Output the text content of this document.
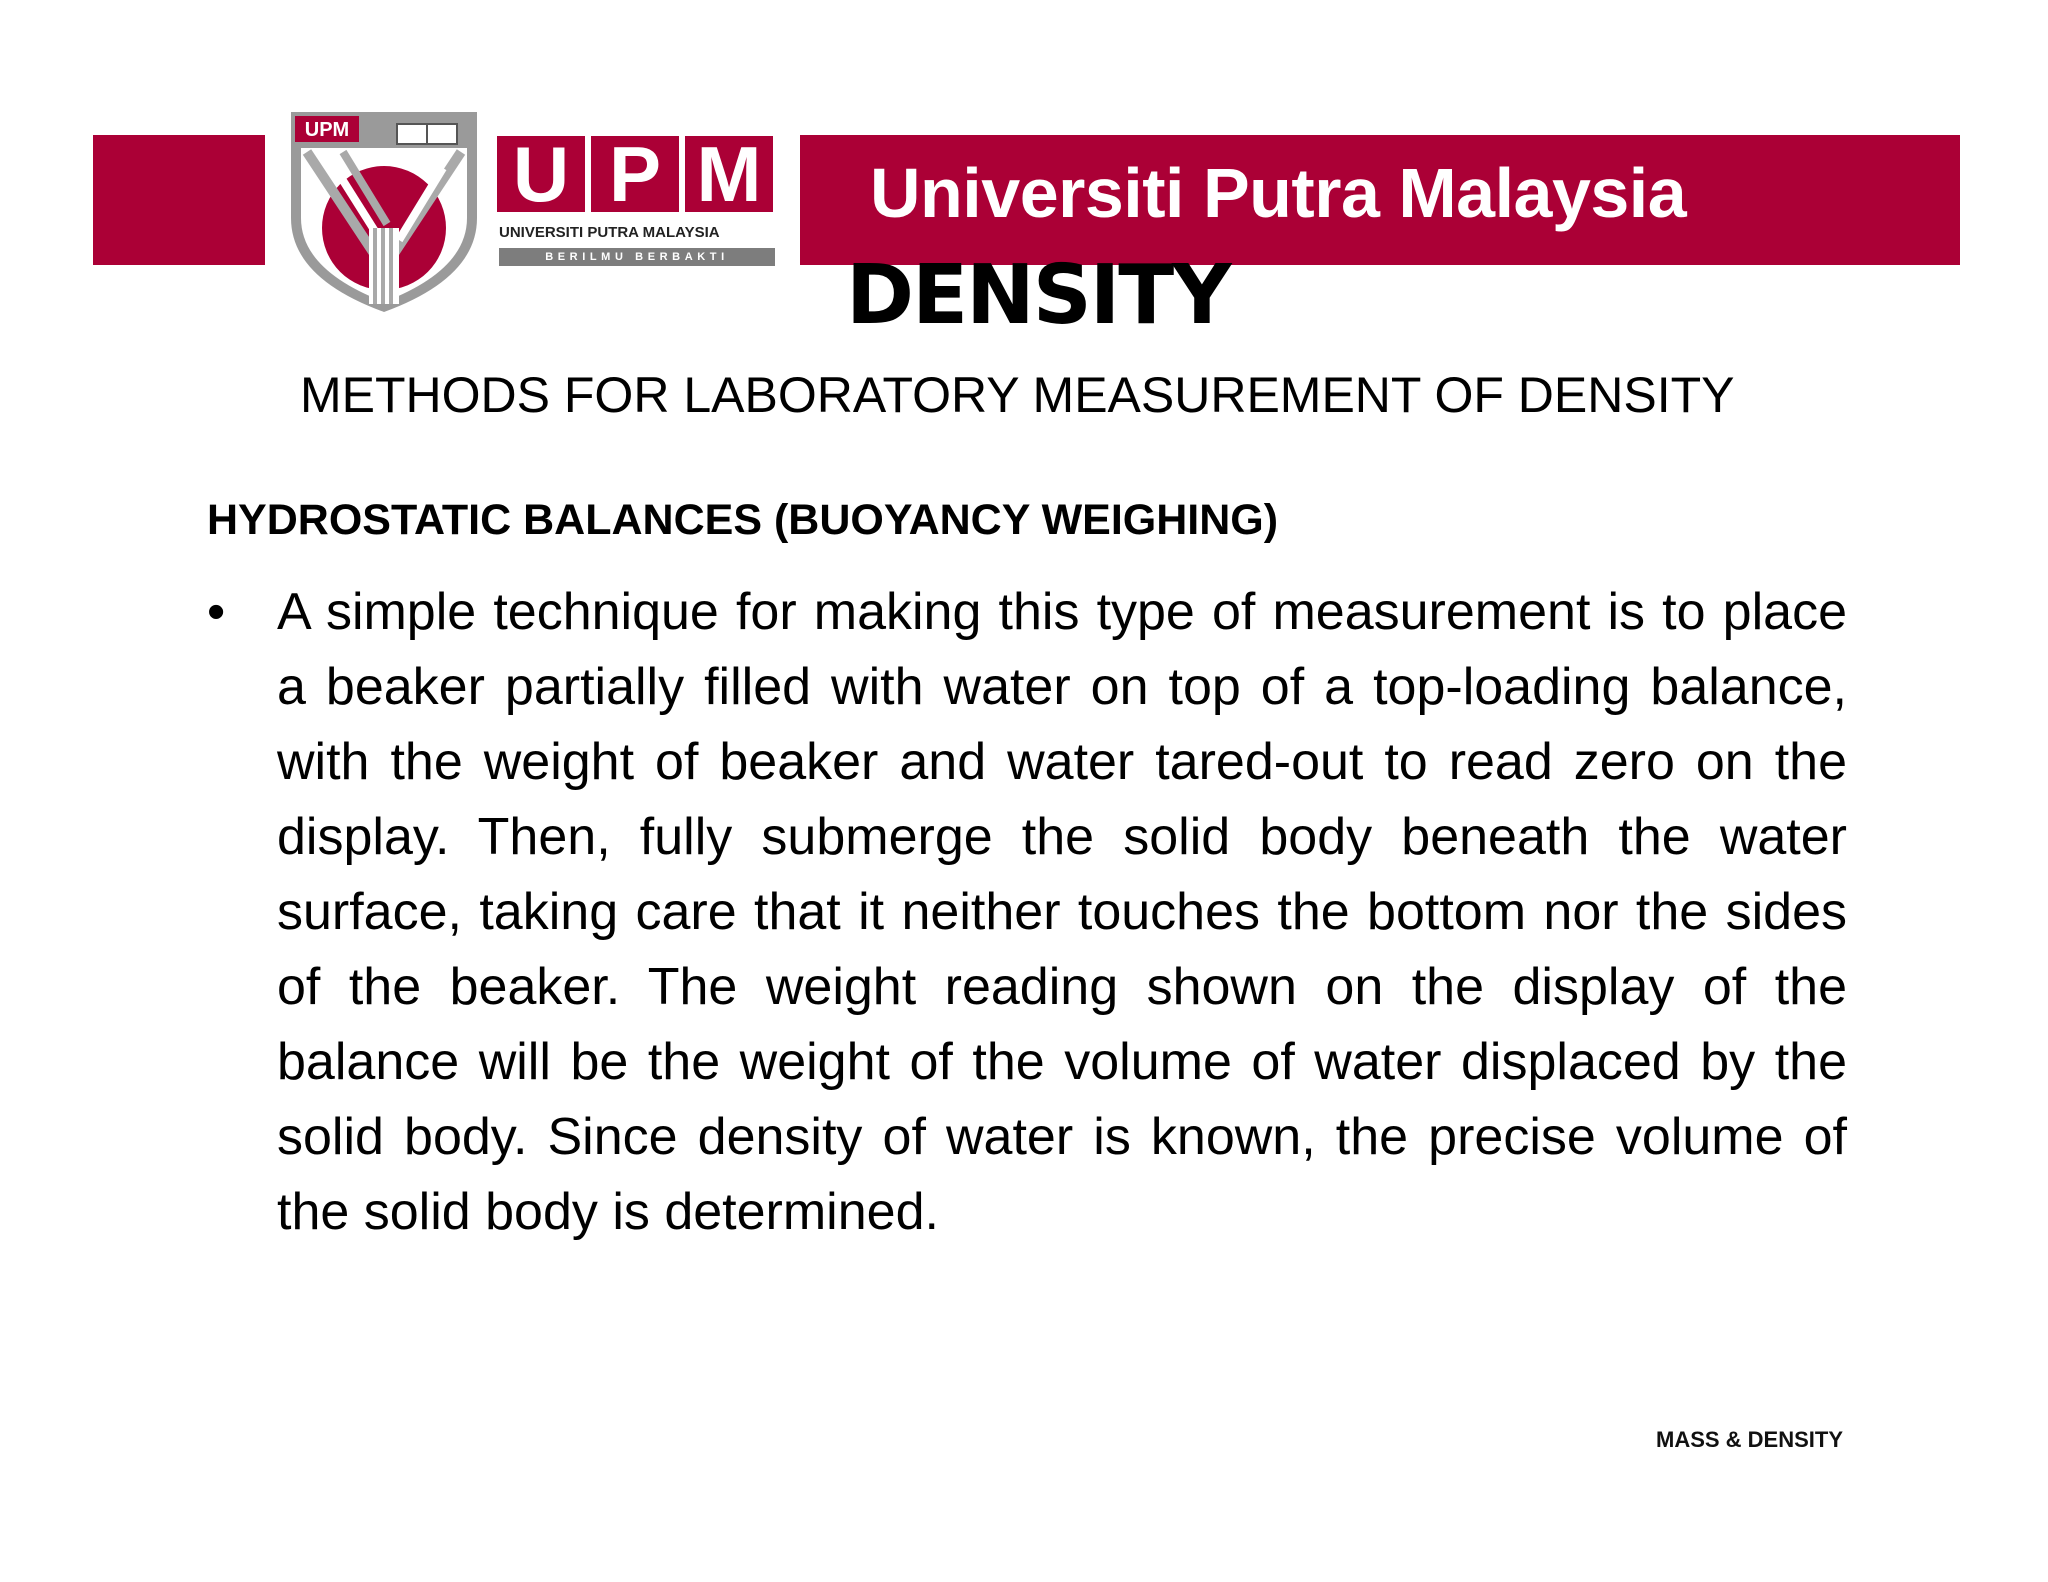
Universiti Putra Malaysia
UPM U P M
UNIVERSITI PUTRA MALAYSIA
BERILMU BERBAKTI	DENSITY
METHODS FOR LABORATORY MEASUREMENT OF DENSITY
HYDROSTATIC BALANCES (BUOYANCY WEIGHING)
• A simple technique for making this type of measurement is to place a beaker partially filled with water on top of a top-loading balance, with the weight of beaker and water tared-out to read zero on the display. Then, fully submerge the solid body beneath the water surface, taking care that it neither touches the bottom nor the sides of the beaker. The weight reading shown on the display of the balance will be the weight of the volume of water displaced by the solid body. Since density of water is known, the precise volume of the solid body is determined.
MASS & DENSITY
